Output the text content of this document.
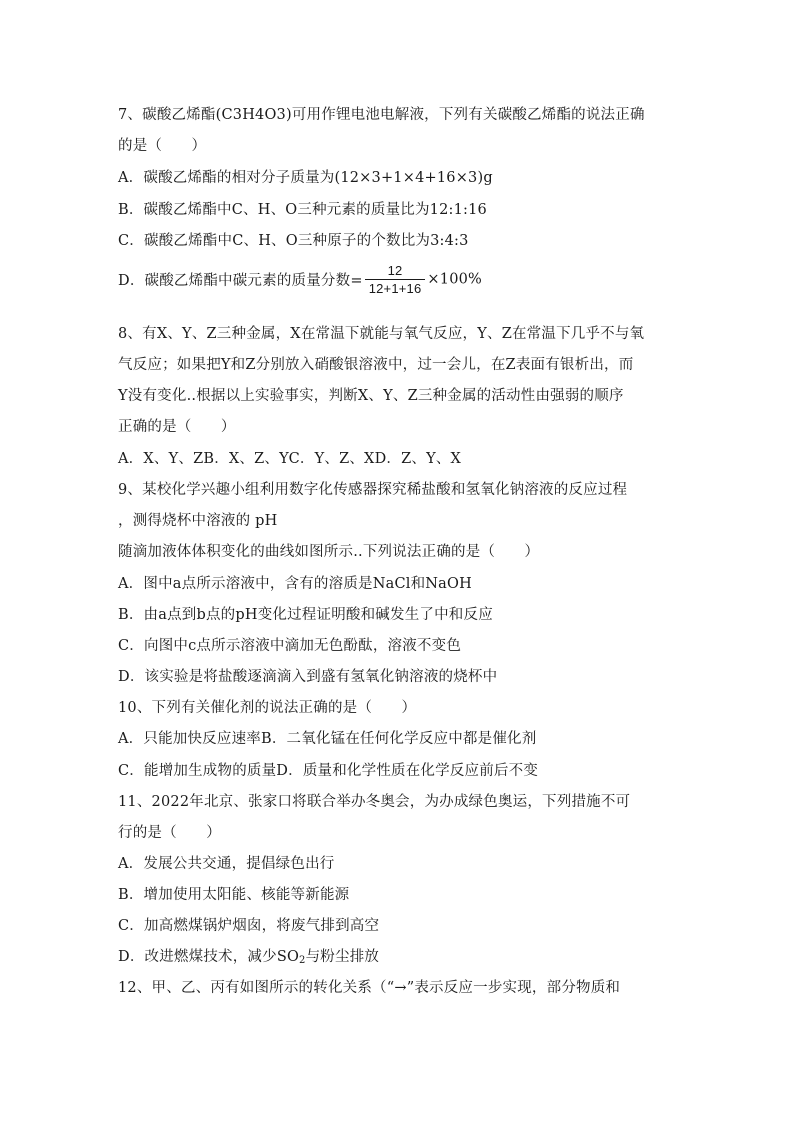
7、碳酸乙烯酯(C3H4O3)可用作锂电池电解液，下列有关碳酸乙烯酯的说法正确
的是（　　）
A．碳酸乙烯酯的相对分子质量为(12×3+1×4+16×3)g
B．碳酸乙烯酯中C、H、O三种元素的质量比为12:1:16
C．碳酸乙烯酯中C、H、O三种原子的个数比为3:4:3
D．碳酸乙烯酯中碳元素的质量分数= $\frac{12}{12+1+16} \times 100\%$
8、有X、Y、Z三种金属，X在常温下就能与氧气反应，Y、Z在常温下几乎不与氧
气反应；如果把Y和Z分别放入硝酸银溶液中，过一会儿，在Z表面有银析出，而
Y没有变化..根据以上实验事实，判断X、Y、Z三种金属的活动性由强弱的顺序
正确的是（　　）
A．X、Y、ZB．X、Z、YC．Y、Z、XD．Z、Y、X
9、某校化学兴趣小组利用数字化传感器探究稀盐酸和氢氧化钠溶液的反应过程
，测得烧杯中溶液的 pH
随滴加液体体积变化的曲线如图所示..下列说法正确的是（　　）
A．图中a点所示溶液中，含有的溶质是NaCl和NaOH
B．由a点到b点的pH变化过程证明酸和碱发生了中和反应
C．向图中c点所示溶液中滴加无色酚酞，溶液不变色
D．该实验是将盐酸逐滴滴入到盛有氢氧化钠溶液的烧杯中
10、下列有关催化剂的说法正确的是（　　）
A．只能加快反应速率B．二氧化锰在任何化学反应中都是催化剂
C．能增加生成物的质量D．质量和化学性质在化学反应前后不变
11、2022年北京、张家口将联合举办冬奥会，为办成绿色奥运，下列措施不可
行的是（　　）
A．发展公共交通，提倡绿色出行
B．增加使用太阳能、核能等新能源
C．加高燃煤锅炉烟囱，将废气排到高空
D．改进燃煤技术，减少$SO_2$与粉尘排放
12、甲、乙、丙有如图所示的转化关系（“→”表示反应一步实现，部分物质和
